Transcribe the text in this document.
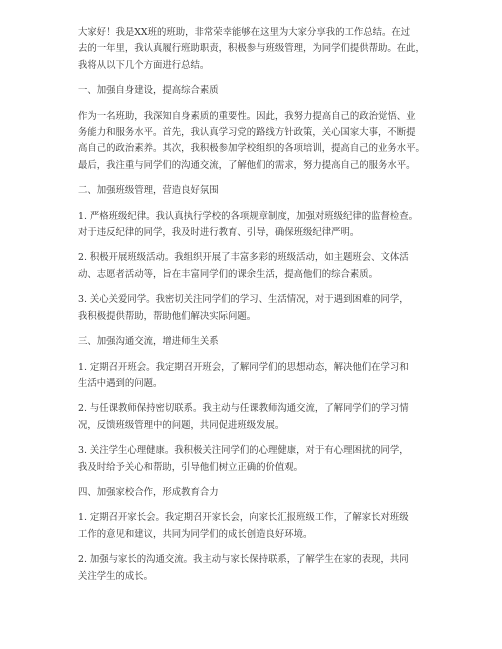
大家好！我是XX班的班助，非常荣幸能够在这里为大家分享我的工作总结。在过
去的一年里，我认真履行班助职责，积极参与班级管理，为同学们提供帮助。在此，
我将从以下几个方面进行总结。

一、加强自身建设，提高综合素质

作为一名班助，我深知自身素质的重要性。因此，我努力提高自己的政治觉悟、业
务能力和服务水平。首先，我认真学习党的路线方针政策，关心国家大事，不断提
高自己的政治素养。其次，我积极参加学校组织的各项培训，提高自己的业务水平。
最后，我注重与同学们的沟通交流，了解他们的需求，努力提高自己的服务水平。

二、加强班级管理，营造良好氛围

1. 严格班级纪律。我认真执行学校的各项规章制度，加强对班级纪律的监督检查。
对于违反纪律的同学，我及时进行教育、引导，确保班级纪律严明。

2. 积极开展班级活动。我组织开展了丰富多彩的班级活动，如主题班会、文体活
动、志愿者活动等，旨在丰富同学们的课余生活，提高他们的综合素质。

3. 关心关爱同学。我密切关注同学们的学习、生活情况，对于遇到困难的同学，
我积极提供帮助，帮助他们解决实际问题。

三、加强沟通交流，增进师生关系

1. 定期召开班会。我定期召开班会，了解同学们的思想动态，解决他们在学习和
生活中遇到的问题。

2. 与任课教师保持密切联系。我主动与任课教师沟通交流，了解同学们的学习情
况，反馈班级管理中的问题，共同促进班级发展。

3. 关注学生心理健康。我积极关注同学们的心理健康，对于有心理困扰的同学，
我及时给予关心和帮助，引导他们树立正确的价值观。

四、加强家校合作，形成教育合力

1. 定期召开家长会。我定期召开家长会，向家长汇报班级工作，了解家长对班级
工作的意见和建议，共同为同学们的成长创造良好环境。

2. 加强与家长的沟通交流。我主动与家长保持联系，了解学生在家的表现，共同
关注学生的成长。
